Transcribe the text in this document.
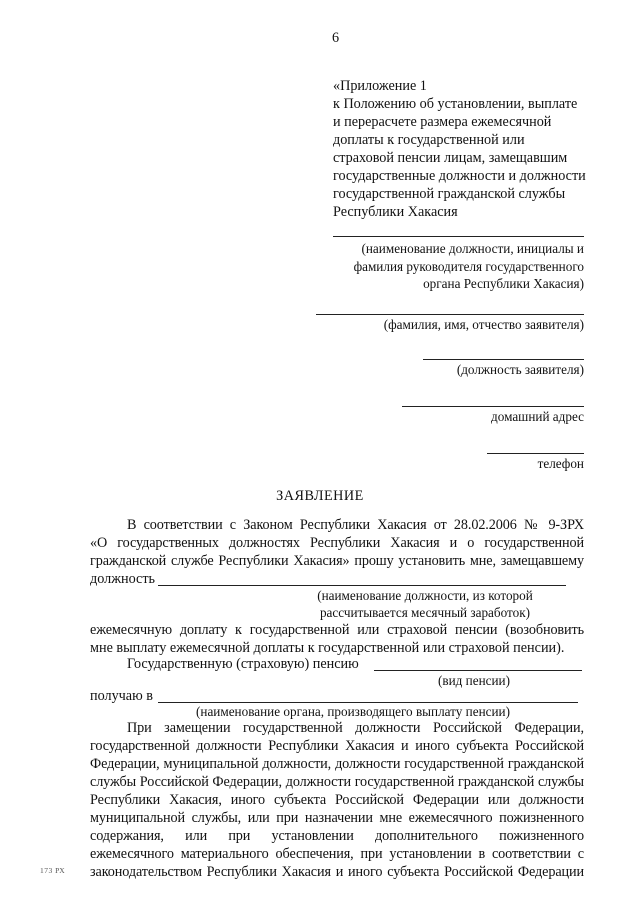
6
«Приложение 1
к Положению об установлении, выплате
и перерасчете размера ежемесячной
доплаты к государственной или
страховой пенсии лицам, замещавшим
государственные должности и должности
государственной гражданской службы
Республики Хакасия
(наименование должности, инициалы и
фамилия руководителя государственного
органа Республики Хакасия)
(фамилия, имя, отчество заявителя)
(должность заявителя)
домашний адрес
телефон
ЗАЯВЛЕНИЕ
В соответствии с Законом Республики Хакасия от 28.02.2006 № 9-ЗРХ
«О государственных должностях Республики Хакасия и о государственной
гражданской службе Республики Хакасия» прошу установить мне, замещавшему
должность
(наименование должности, из которой
рассчитывается месячный заработок)
ежемесячную доплату к государственной или страховой пенсии (возобновить
мне выплату ежемесячной доплаты к государственной или страховой пенсии).
Государственную (страховую) пенсию
(вид пенсии)
получаю в
(наименование органа, производящего выплату пенсии)
При замещении государственной должности Российской Федерации,
государственной должности Республики Хакасия и иного субъекта Российской
Федерации, муниципальной должности, должности государственной гражданской
службы Российской Федерации, должности государственной гражданской службы
Республики Хакасия, иного субъекта Российской Федерации или должности
муниципальной службы, или при назначении мне ежемесячного пожизненного
содержания, или при установлении дополнительного пожизненного
ежемесячного материального обеспечения, при установлении в соответствии с
законодательством Республики Хакасия и иного субъекта Российской Федерации
173 РХ
